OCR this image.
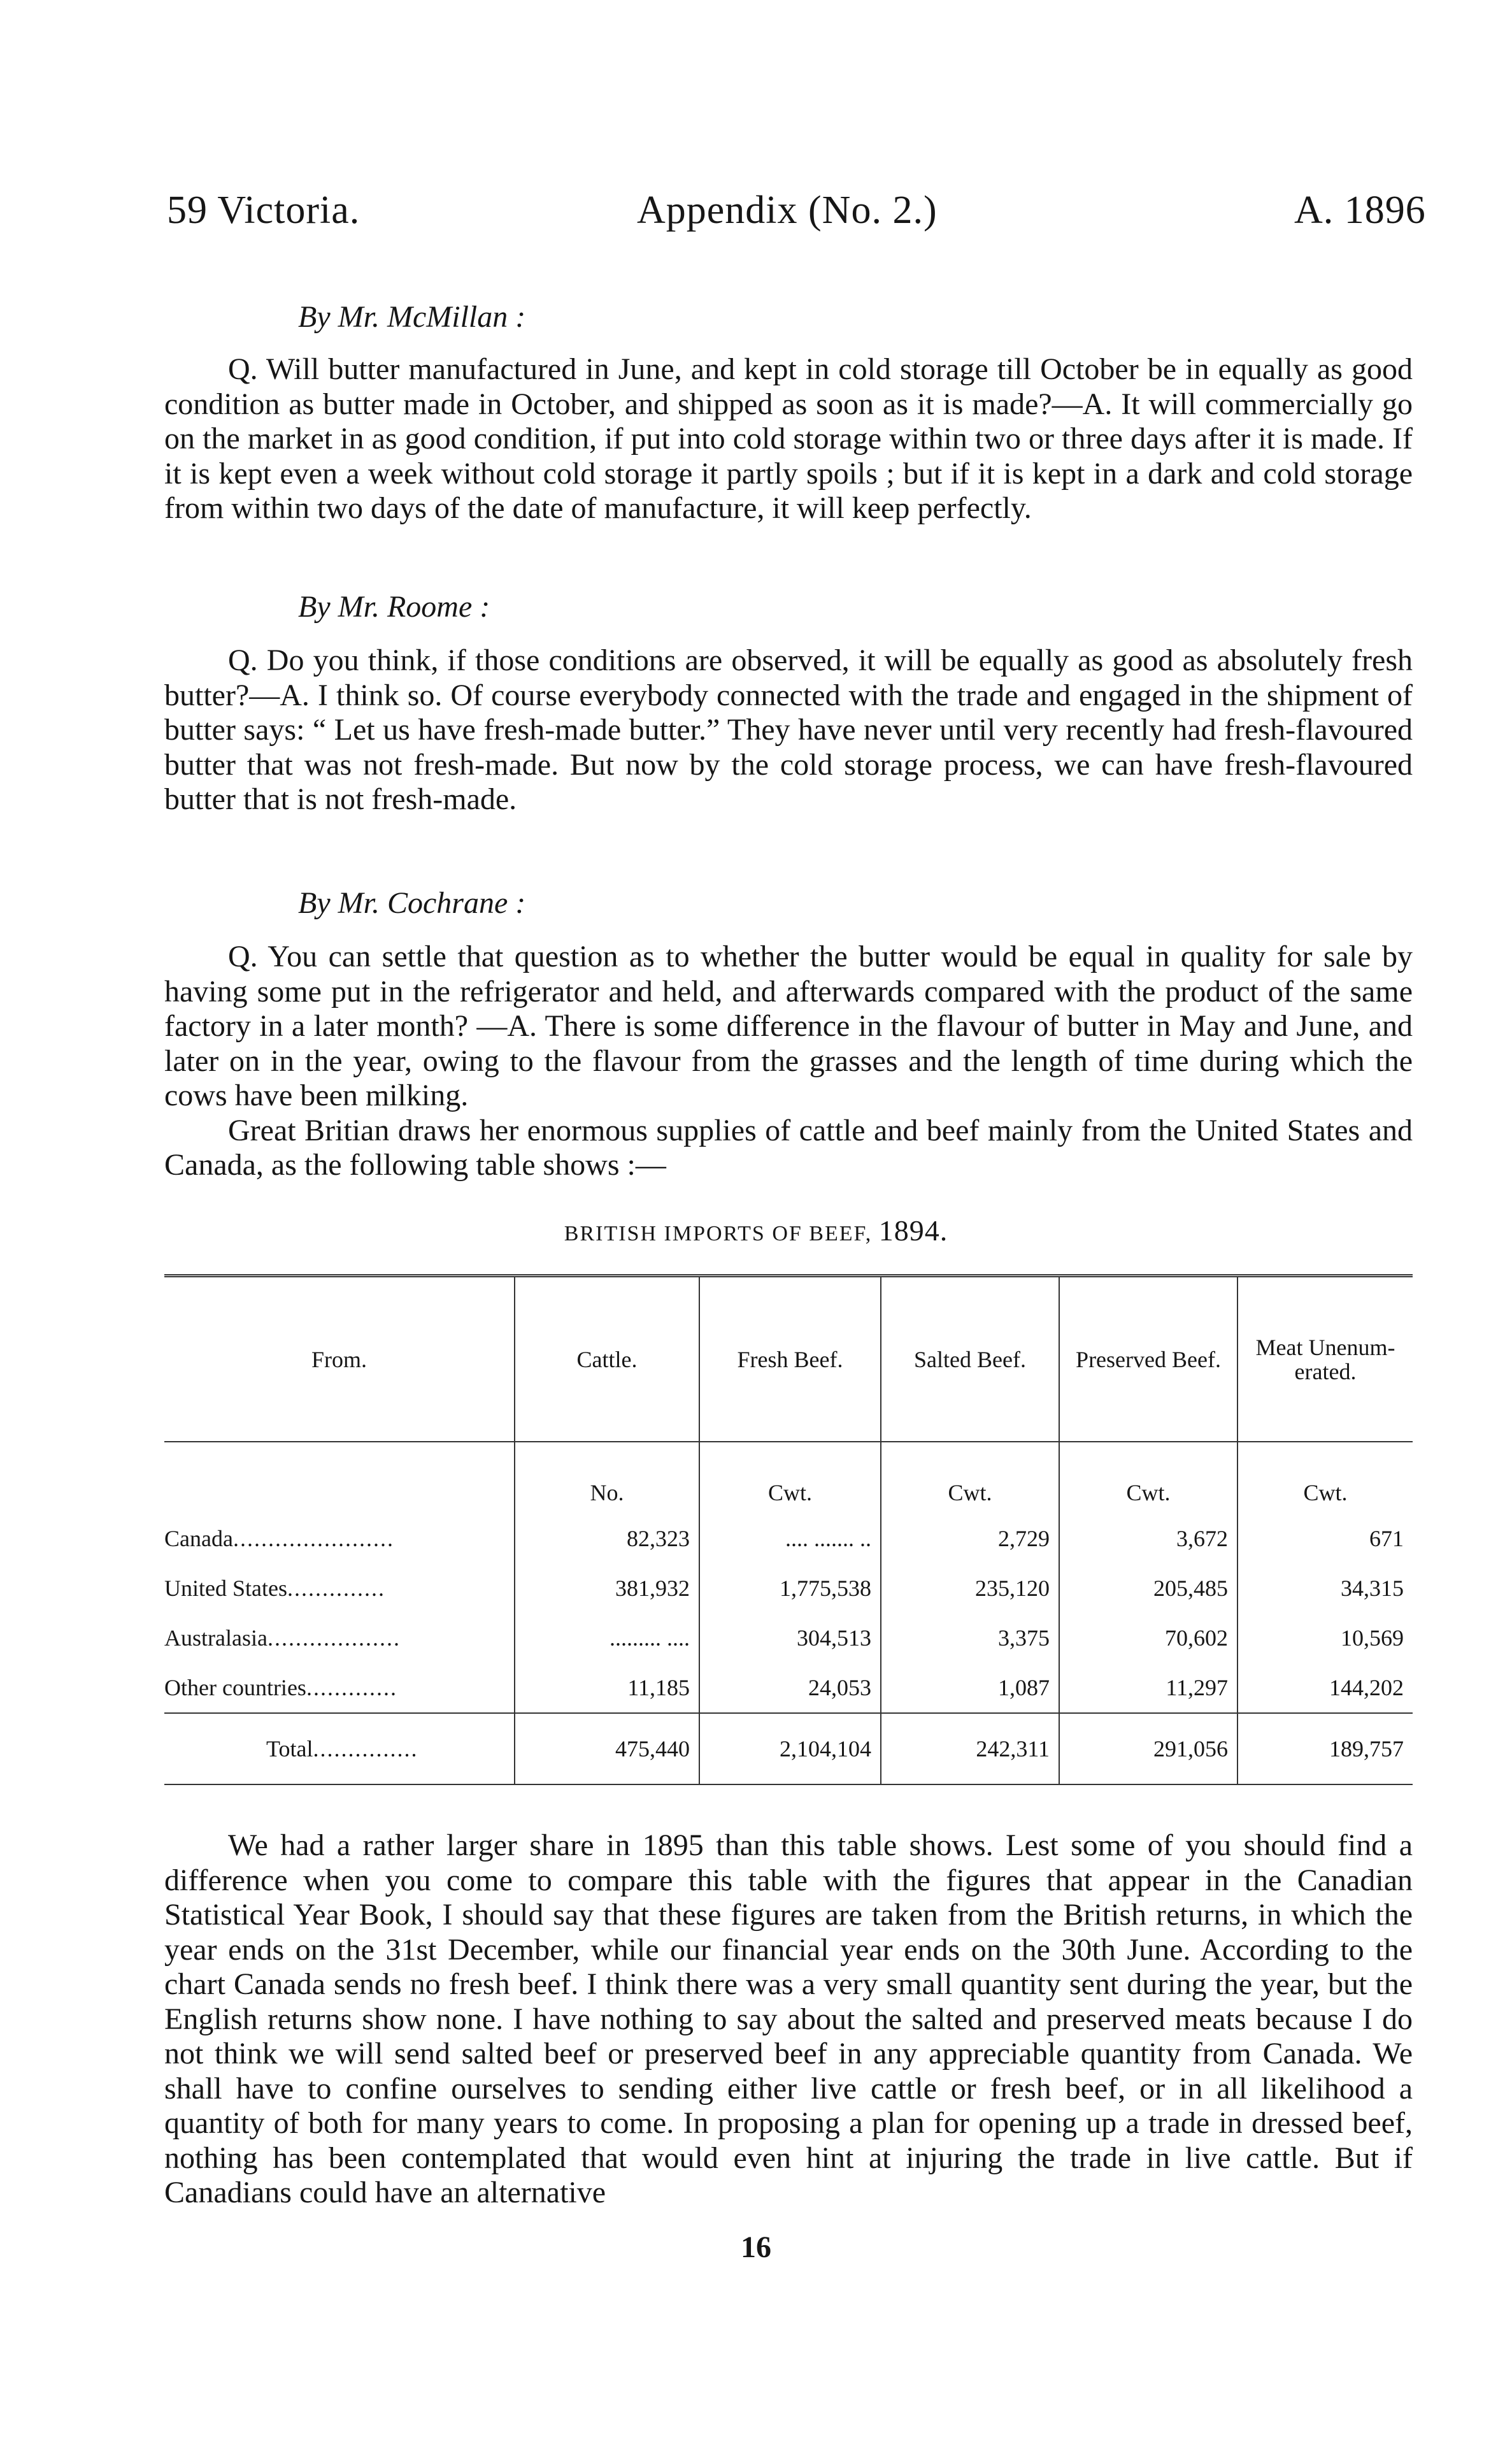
59 Victoria.	Appendix (No. 2.)	A. 1896
By Mr. McMillan :

Q. Will butter manufactured in June, and kept in cold storage till October be in equally as good condition as butter made in October, and shipped as soon as it is made?—A. It will commercially go on the market in as good condition, if put into cold storage within two or three days after it is made. If it is kept even a week without cold storage it partly spoils ; but if it is kept in a dark and cold storage from within two days of the date of manufacture, it will keep perfectly.

By Mr. Roome :

Q. Do you think, if those conditions are observed, it will be equally as good as absolutely fresh butter?—A. I think so. Of course everybody connected with the trade and engaged in the shipment of butter says: “ Let us have fresh-made butter.” They have never until very recently had fresh-flavoured butter that was not fresh-made. But now by the cold storage process, we can have fresh-flavoured butter that is not fresh-made.

By Mr. Cochrane :

Q. You can settle that question as to whether the butter would be equal in quality for sale by having some put in the refrigerator and held, and afterwards compared with the product of the same factory in a later month? —A. There is some difference in the flavour of butter in May and June, and later on in the year, owing to the flavour from the grasses and the length of time during which the cows have been milking.

Great Britian draws her enormous supplies of cattle and beef mainly from the United States and Canada, as the following table shows :—

BRITISH IMPORTS OF BEEF, 1894.
From.	Cattle.	Fresh Beef.	Salted Beef.	Preserved Beef.	Meat Unenum- erated.
	No.	Cwt.	Cwt.	Cwt.	Cwt.
Canada.......................	82,323	.... ....... ..	2,729	3,672	671
United States..............	381,932	1,775,538	235,120	205,485	34,315
Australasia...................	......... ....	304,513	3,375	70,602	10,569
Other countries.............	11,185	24,053	1,087	11,297	144,202
Total...............	475,440	2,104,104	242,311	291,056	189,757

We had a rather larger share in 1895 than this table shows. Lest some of you should find a difference when you come to compare this table with the figures that appear in the Canadian Statistical Year Book, I should say that these figures are taken from the British returns, in which the year ends on the 31st December, while our financial year ends on the 30th June. According to the chart Canada sends no fresh beef. I think there was a very small quantity sent during the year, but the English returns show none. I have nothing to say about the salted and preserved meats because I do not think we will send salted beef or preserved beef in any appreciable quantity from Canada. We shall have to confine ourselves to sending either live cattle or fresh beef, or in all likelihood a quantity of both for many years to come. In proposing a plan for opening up a trade in dressed beef, nothing has been contemplated that would even hint at injuring the trade in live cattle. But if Canadians could have an alternative

16
